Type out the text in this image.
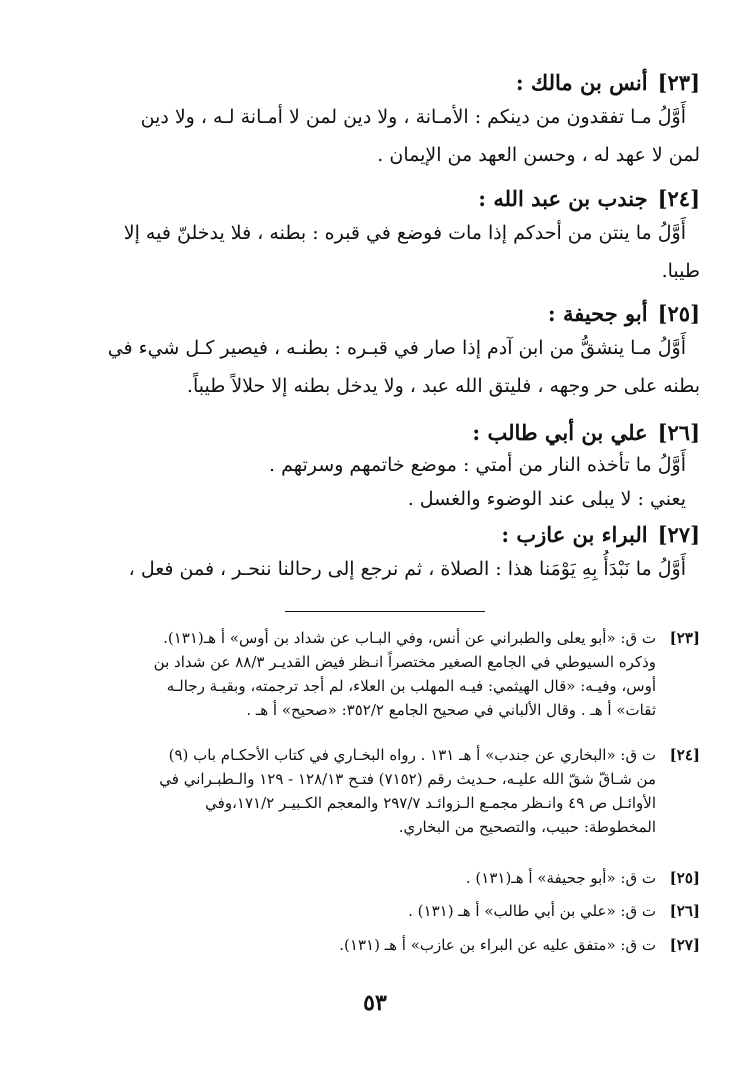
[٢٣]أنس بن مالك :
أَوَّلُ مـا تفقدون من دينكم : الأمـانة ، ولا دين لمن لا أمـانة لـه ، ولا دين
لمن لا عهد له ، وحسن العهد من الإيمان .
[٢٤]جندب بن عبد الله :
أَوَّلُ ما ينتن من أحدكم إذا مات فوضع في قبره : بطنه ، فلا يدخلنّ فيه إلا
طيبا.
[٢٥]أبو جحيفة :
أَوَّلُ مـا ينشقُّ من ابن آدم إذا صار في قبـره : بطنـه ، فيصير كـل شيء في
بطنه على حر وجهه ، فليتق الله عبد ، ولا يدخل بطنه إلا حلالاً طيباً.
[٢٦]علي بن أبي طالب :
أَوَّلُ ما تأخذه النار من أمتي : موضع خاتمهم وسرتهم .
يعني : لا يبلى عند الوضوء والغسل .
[٢٧]البراء بن عازب :
أَوَّلُ ما نَبْدَأُ بِهِ يَوْمَنا هذا : الصلاة ، ثم نرجع إلى رحالنا ننحـر ، فمن فعل ،
[٢٣]ت ق: «أبو يعلى والطبراني عن أنس، وفي البـاب عن شداد بن أوس» أ هـ(١٣١).
وذكره السيوطي في الجامع الصغير مختصراً انـظر فيض القديـر ٨٨/٣ عن شداد بن
أوس، وفيـه: «قال الهيثمي: فيـه المهلب بن العلاء، لم أجد ترجمته، وبقيـة رجالـه
ثقات» أ هـ . وقال الألباني في صحيح الجامع ٣٥٢/٢: «صحيح» أ هـ .
[٢٤]ت ق: «البخاري عن جندب» أ هـ ١٣١ . رواه البخـاري في كتاب الأحكـام باب (٩)
من شـاقّ شقّ الله عليـه، حـديث رقم (٧١٥٢) فتـح ١٢٨/١٣ - ١٢٩ والـطبـراني في
الأوائـل ص ٤٩ وانـظر مجمـع الـزوائـد ٢٩٧/٧ والمعجم الكـبيـر ١٧١/٢،وفي
المخطوطة: حبيب، والتصحيح من البخاري.
[٢٥]ت ق: «أبو جحيفة» أ هـ(١٣١) .
[٢٦]ت ق: «علي بن أبي طالب» أ هـ (١٣١) .
[٢٧]ت ق: «متفق عليه عن البراء بن عازب» أ هـ (١٣١).
٥٣
